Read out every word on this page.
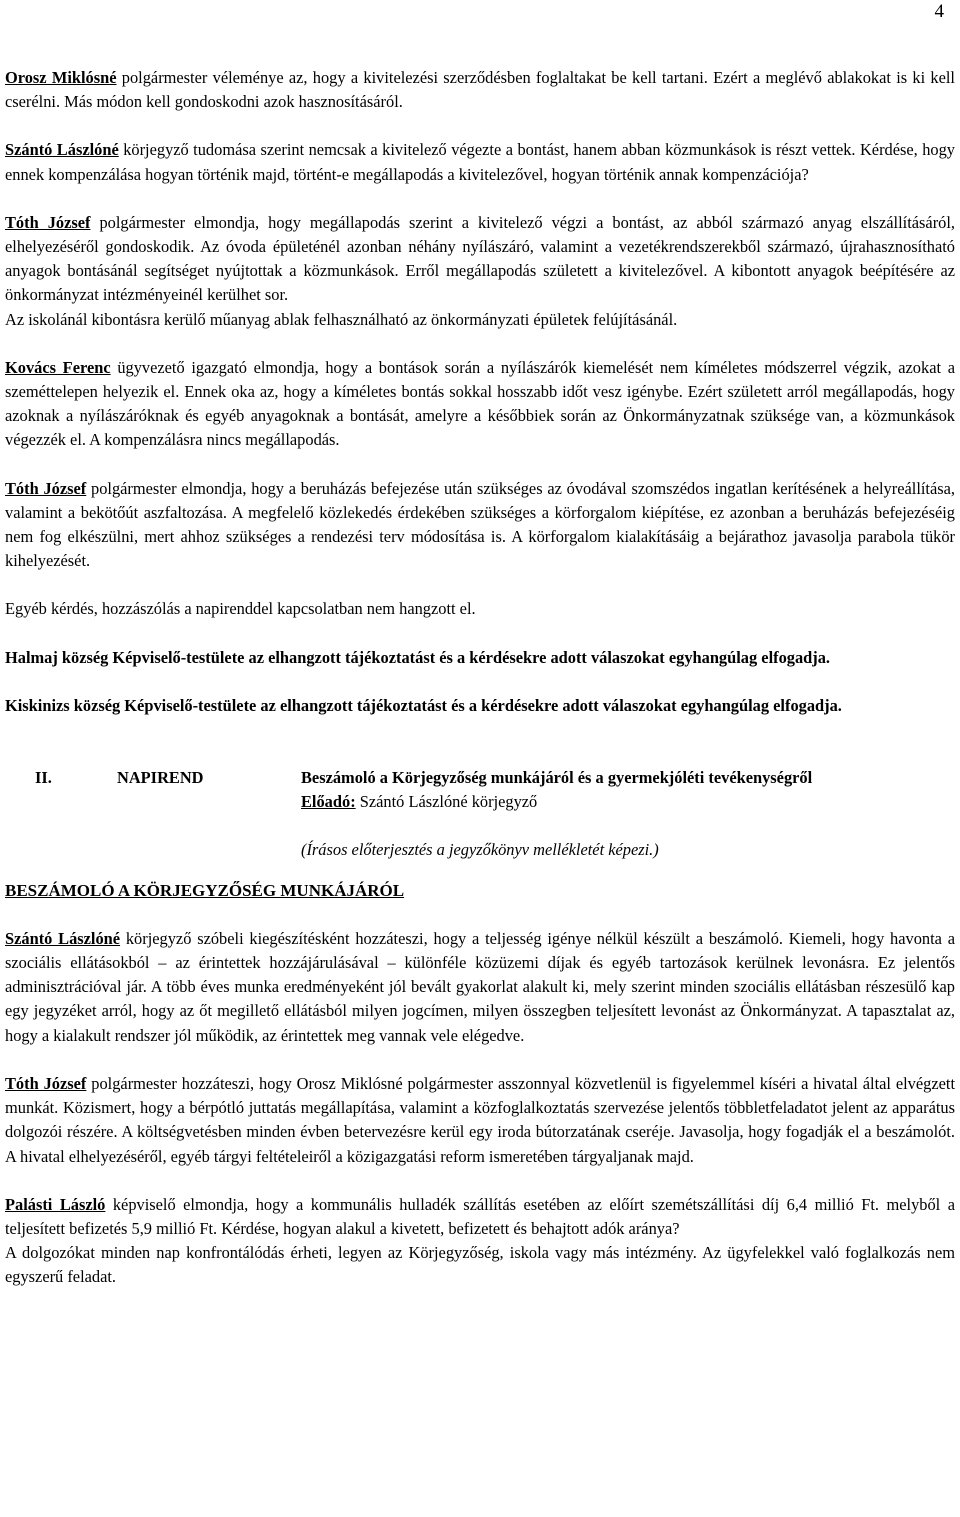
4

Orosz Miklósné polgármester véleménye az, hogy a kivitelezési szerződésben foglaltakat be kell tartani. Ezért a meglévő ablakokat is ki kell cserélni. Más módon kell gondoskodni azok hasznosításáról.

Szántó Lászlóné körjegyző tudomása szerint nemcsak a kivitelező végezte a bontást, hanem abban közmunkások is részt vettek. Kérdése, hogy ennek kompenzálása hogyan történik majd, történt-e megállapodás a kivitelezővel, hogyan történik annak kompenzációja?

Tóth József polgármester elmondja, hogy megállapodás szerint a kivitelező végzi a bontást, az abból származó anyag elszállításáról, elhelyezéséről gondoskodik. Az óvoda épületénél azonban néhány nyílászáró, valamint a vezetékrendszerekből származó, újrahasznosítható anyagok bontásánál segítséget nyújtottak a közmunkások. Erről megállapodás született a kivitelezővel. A kibontott anyagok beépítésére az önkormányzat intézményeinél kerülhet sor.

Az iskolánál kibontásra kerülő műanyag ablak felhasználható az önkormányzati épületek felújításánál.

Kovács Ferenc ügyvezető igazgató elmondja, hogy a bontások során a nyílászárók kiemelését nem kíméletes módszerrel végzik, azokat a szeméttelepen helyezik el. Ennek oka az, hogy a kíméletes bontás sokkal hosszabb időt vesz igénybe. Ezért született arról megállapodás, hogy azoknak a nyílászáróknak és egyéb anyagoknak a bontását, amelyre a későbbiek során az Önkormányzatnak szüksége van, a közmunkások végezzék el. A kompenzálásra nincs megállapodás.

Tóth József polgármester elmondja, hogy a beruházás befejezése után szükséges az óvodával szomszédos ingatlan kerítésének a helyreállítása, valamint a bekötőút aszfaltozása. A megfelelő közlekedés érdekében szükséges a körforgalom kiépítése, ez azonban a beruházás befejezéséig nem fog elkészülni, mert ahhoz szükséges a rendezési terv módosítása is. A körforgalom kialakításáig a bejárathoz javasolja parabola tükör kihelyezését.

Egyéb kérdés, hozzászólás a napirenddel kapcsolatban nem hangzott el.

Halmaj község Képviselő-testülete az elhangzott tájékoztatást és a kérdésekre adott válaszokat egyhangúlag elfogadja.

Kiskinizs község Képviselő-testülete az elhangzott tájékoztatást és a kérdésekre adott válaszokat egyhangúlag elfogadja.

II.	NAPIREND	Beszámoló a Körjegyzőség munkájáról és a gyermekjóléti tevékenységről
Előadó: Szántó Lászlóné körjegyző
(Írásos előterjesztés a jegyzőkönyv mellékletét képezi.)
BESZÁMOLÓ A KÖRJEGYZŐSÉG MUNKÁJÁRÓL

Szántó Lászlóné körjegyző szóbeli kiegészítésként hozzáteszi, hogy a teljesség igénye nélkül készült a beszámoló. Kiemeli, hogy havonta a szociális ellátásokból – az érintettek hozzájárulásával – különféle közüzemi díjak és egyéb tartozások kerülnek levonásra. Ez jelentős adminisztrációval jár. A több éves munka eredményeként jól bevált gyakorlat alakult ki, mely szerint minden szociális ellátásban részesülő kap egy jegyzéket arról, hogy az őt megillető ellátásból milyen jogcímen, milyen összegben teljesített levonást az Önkormányzat. A tapasztalat az, hogy a kialakult rendszer jól működik, az érintettek meg vannak vele elégedve.

Tóth József polgármester hozzáteszi, hogy Orosz Miklósné polgármester asszonnyal közvetlenül is figyelemmel kíséri a hivatal által elvégzett munkát. Közismert, hogy a bérpótló juttatás megállapítása, valamint a közfoglalkoztatás szervezése jelentős többletfeladatot jelent az apparátus dolgozói részére. A költségvetésben minden évben betervezésre kerül egy iroda bútorzatának cseréje. Javasolja, hogy fogadják el a beszámolót. A hivatal elhelyezéséről, egyéb tárgyi feltételeiről a közigazgatási reform ismeretében tárgyaljanak majd.

Palásti László képviselő elmondja, hogy a kommunális hulladék szállítás esetében az előírt szemétszállítási díj 6,4 millió Ft. melyből a teljesített befizetés 5,9 millió Ft. Kérdése, hogyan alakul a kivetett, befizetett és behajtott adók aránya?

A dolgozókat minden nap konfrontálódás érheti, legyen az Körjegyzőség, iskola vagy más intézmény. Az ügyfelekkel való foglalkozás nem egyszerű feladat.
